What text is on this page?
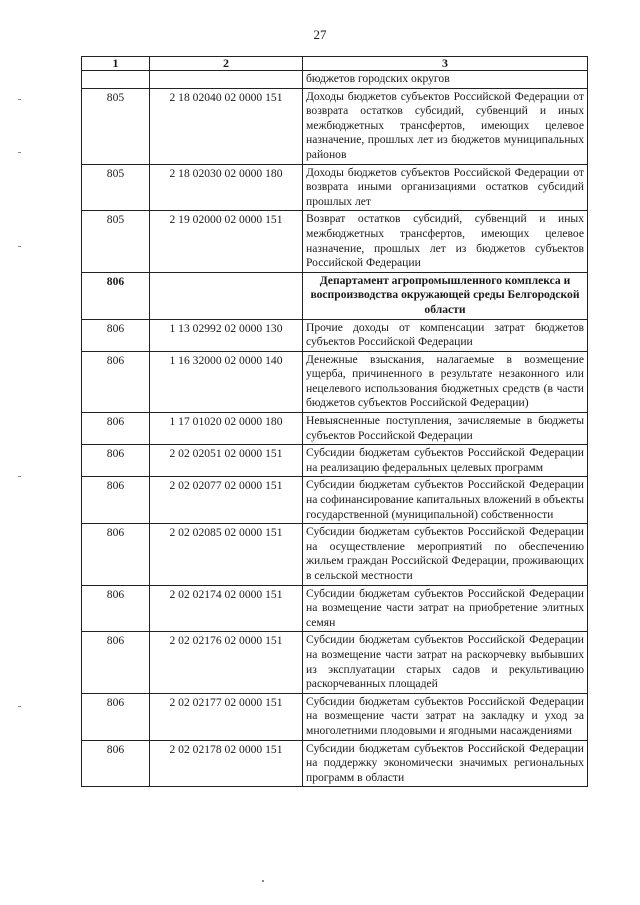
27
1	2	3
		бюджетов городских округов
805	2 18 02040 02 0000 151	Доходы бюджетов субъектов Российской Федерации от возврата остатков субсидий, субвенций и иных межбюджетных трансфертов, имеющих целевое назначение, прошлых лет из бюджетов муниципальных районов
805	2 18 02030 02 0000 180	Доходы бюджетов субъектов Российской Федерации от возврата иными организациями остатков субсидий прошлых лет
805	2 19 02000 02 0000 151	Возврат остатков субсидий, субвенций и иных межбюджетных трансфертов, имеющих целевое назначение, прошлых лет из бюджетов субъектов Российской Федерации
806		Департамент агропромышленного комплекса и воспроизводства окружающей среды Белгородской области
806	1 13 02992 02 0000 130	Прочие доходы от компенсации затрат бюджетов субъектов Российской Федерации
806	1 16 32000 02 0000 140	Денежные взыскания, налагаемые в возмещение ущерба, причиненного в результате незаконного или нецелевого использования бюджетных средств (в части бюджетов субъектов Российской Федерации)
806	1 17 01020 02 0000 180	Невыясненные поступления, зачисляемые в бюджеты субъектов Российской Федерации
806	2 02 02051 02 0000 151	Субсидии бюджетам субъектов Российской Федерации на реализацию федеральных целевых программ
806	2 02 02077 02 0000 151	Субсидии бюджетам субъектов Российской Федерации на софинансирование капитальных вложений в объекты государственной (муниципальной) собственности
806	2 02 02085 02 0000 151	Субсидии бюджетам субъектов Российской Федерации на осуществление мероприятий по обеспечению жильем граждан Российской Федерации, проживающих в сельской местности
806	2 02 02174 02 0000 151	Субсидии бюджетам субъектов Российской Федерации на возмещение части затрат на приобретение элитных семян
806	2 02 02176 02 0000 151	Субсидии бюджетам субъектов Российской Федерации на возмещение части затрат на раскорчевку выбывших из эксплуатации старых садов и рекультивацию раскорчеванных площадей
806	2 02 02177 02 0000 151	Субсидии бюджетам субъектов Российской Федерации на возмещение части затрат на закладку и уход за многолетними плодовыми и ягодными насаждениями
806	2 02 02178 02 0000 151	Субсидии бюджетам субъектов Российской Федерации на поддержку экономически значимых региональных программ в области
